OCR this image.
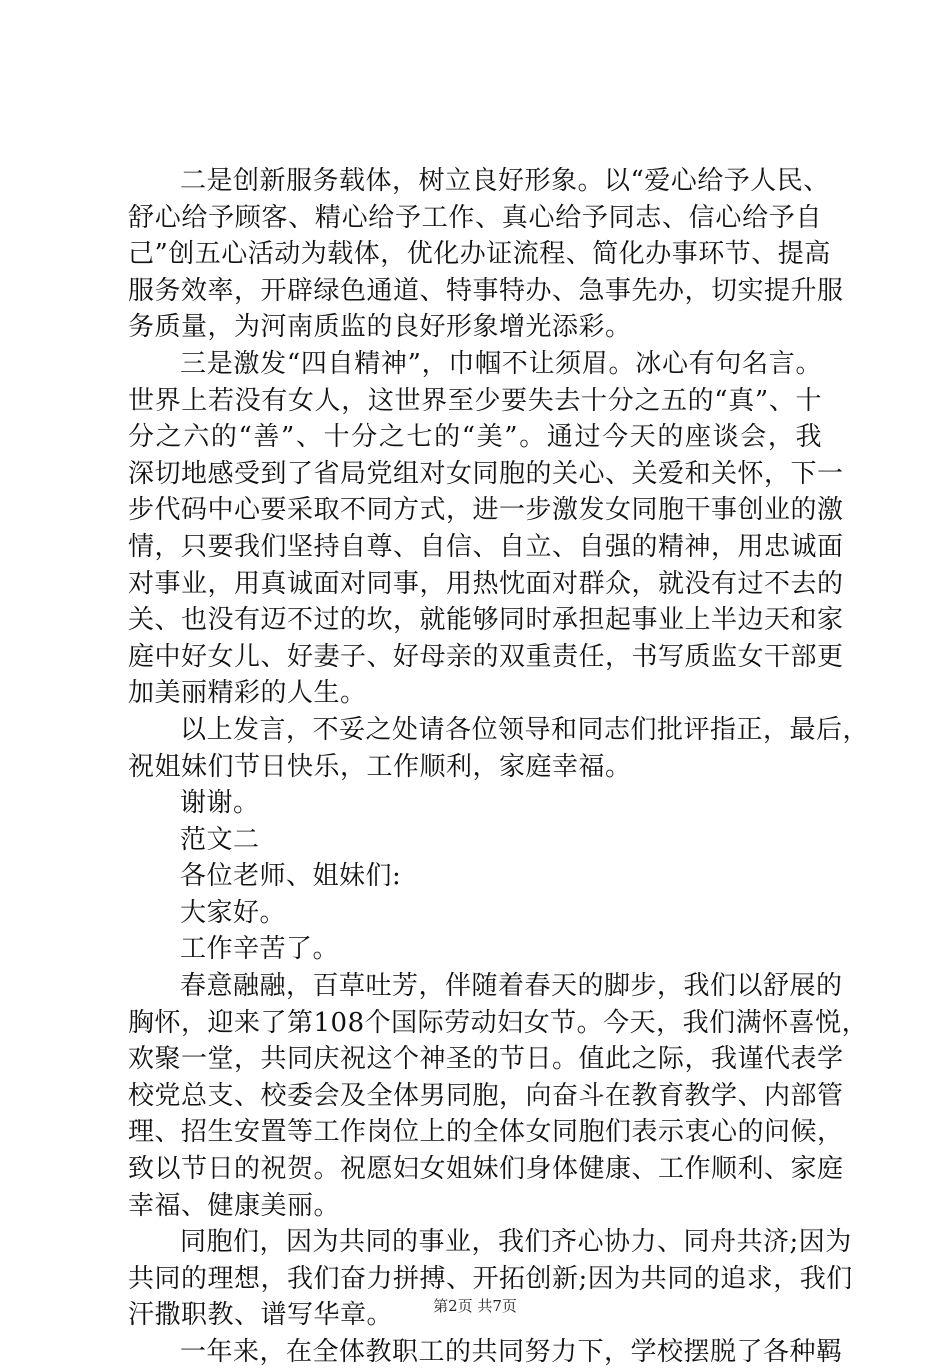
二是创新服务载体，树立良好形象。以“爱心给予人民、
舒心给予顾客、精心给予工作、真心给予同志、信心给予自
己”创五心活动为载体，优化办证流程、简化办事环节、提高
服务效率，开辟绿色通道、特事特办、急事先办，切实提升服
务质量，为河南质监的良好形象增光添彩。
三是激发“四自精神”，巾帼不让须眉。冰心有句名言。
世界上若没有女人，这世界至少要失去十分之五的“真”、十
分之六的“善”、十分之七的“美”。通过今天的座谈会，我
深切地感受到了省局党组对女同胞的关心、关爱和关怀，下一
步代码中心要采取不同方式，进一步激发女同胞干事创业的激
情，只要我们坚持自尊、自信、自立、自强的精神，用忠诚面
对事业，用真诚面对同事，用热忱面对群众，就没有过不去的
关、也没有迈不过的坎，就能够同时承担起事业上半边天和家
庭中好女儿、好妻子、好母亲的双重责任，书写质监女干部更
加美丽精彩的人生。
以上发言，不妥之处请各位领导和同志们批评指正，最后，
祝姐妹们节日快乐，工作顺利，家庭幸福。
谢谢。
范文二
各位老师、姐妹们:
大家好。
工作辛苦了。
春意融融，百草吐芳，伴随着春天的脚步，我们以舒展的
胸怀，迎来了第108个国际劳动妇女节。今天，我们满怀喜悦，
欢聚一堂，共同庆祝这个神圣的节日。值此之际，我谨代表学
校党总支、校委会及全体男同胞，向奋斗在教育教学、内部管
理、招生安置等工作岗位上的全体女同胞们表示衷心的问候，
致以节日的祝贺。祝愿妇女姐妹们身体健康、工作顺利、家庭
幸福、健康美丽。
同胞们，因为共同的事业，我们齐心协力、同舟共济;因为
共同的理想，我们奋力拼搏、开拓创新;因为共同的追求，我们
汗撒职教、谱写华章。
一年来，在全体教职工的共同努力下，学校摆脱了各种羁
第2页 共7页
